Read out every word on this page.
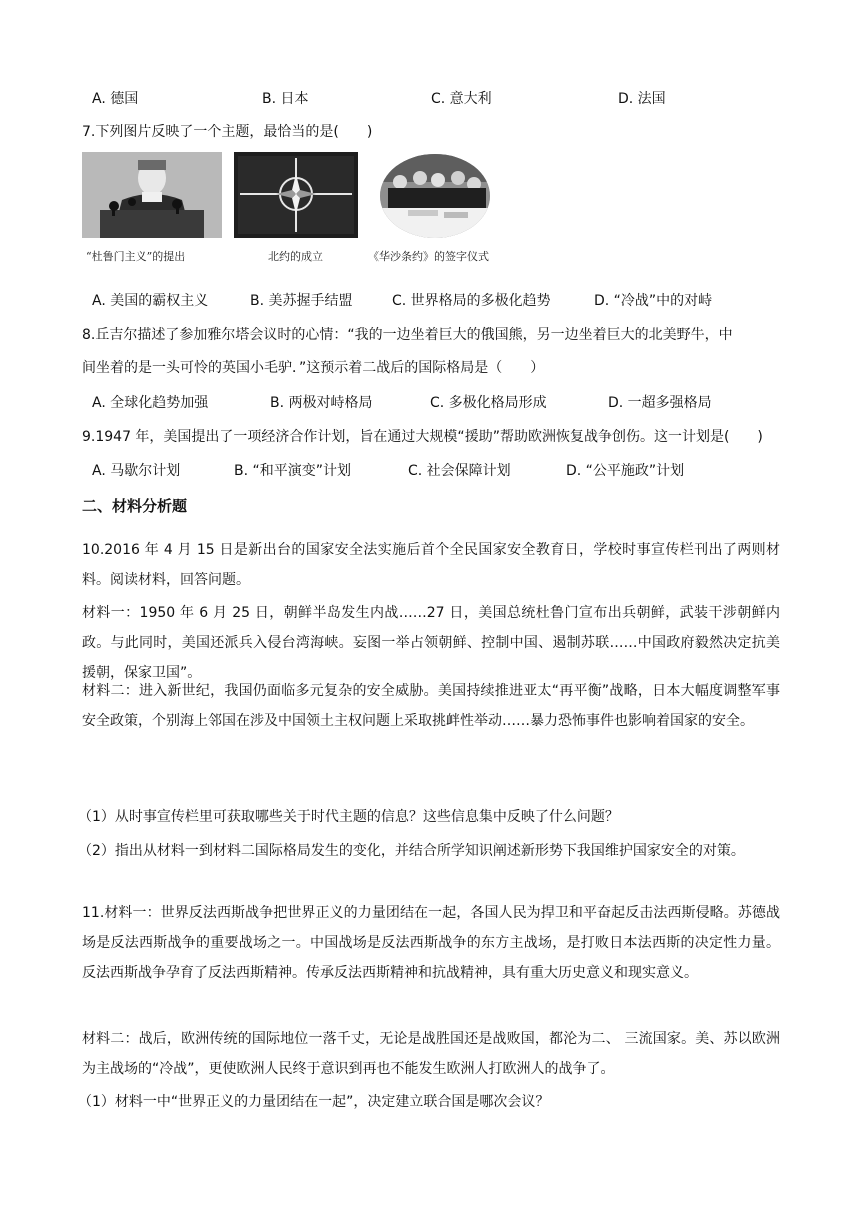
A. 德国	B. 日本	C. 意大利	D. 法国
7.下列图片反映了一个主题，最恰当的是(　　)
“杜鲁门主义”的提出	北约的成立	《华沙条约》的签字仪式
A. 美国的霸权主义	B. 美苏握手结盟	C. 世界格局的多极化趋势	D. “冷战”中的对峙
8.丘吉尔描述了参加雅尔塔会议时的心情：“我的一边坐着巨大的俄国熊，另一边坐着巨大的北美野牛，中
间坐着的是一头可怜的英国小毛驴．”这预示着二战后的国际格局是（　　）
A. 全球化趋势加强	B. 两极对峙格局	C. 多极化格局形成	D. 一超多强格局
9.1947 年，美国提出了一项经济合作计划，旨在通过大规模“援助”帮助欧洲恢复战争创伤。这一计划是(　　)
A. 马歇尔计划	B. “和平演变”计划	C. 社会保障计划	D. “公平施政”计划
二、材料分析题
10.2016 年 4 月 15 日是新出台的国家安全法实施后首个全民国家安全教育日，学校时事宣传栏刊出了两则材料。阅读材料，回答问题。
材料一：1950 年 6 月 25 日，朝鲜半岛发生内战……27 日，美国总统杜鲁门宣布出兵朝鲜，武装干涉朝鲜内政。与此同时，美国还派兵入侵台湾海峡。妄图一举占领朝鲜、控制中国、遏制苏联……中国政府毅然决定抗美援朝，保家卫国”。
材料二：进入新世纪，我国仍面临多元复杂的安全威胁。美国持续推进亚太“再平衡”战略，日本大幅度调整军事安全政策，个别海上邻国在涉及中国领土主权问题上采取挑衅性举动……暴力恐怖事件也影响着国家的安全。
（1）从时事宣传栏里可获取哪些关于时代主题的信息？这些信息集中反映了什么问题？
（2）指出从材料一到材料二国际格局发生的变化，并结合所学知识阐述新形势下我国维护国家安全的对策。
11.材料一：世界反法西斯战争把世界正义的力量团结在一起，各国人民为捍卫和平奋起反击法西斯侵略。苏德战场是反法西斯战争的重要战场之一。中国战场是反法西斯战争的东方主战场，是打败日本法西斯的决定性力量。反法西斯战争孕育了反法西斯精神。传承反法西斯精神和抗战精神，具有重大历史意义和现实意义。
材料二：战后，欧洲传统的国际地位一落千丈，无论是战胜国还是战败国，都沦为二、 三流国家。美、苏以欧洲为主战场的“冷战”，更使欧洲人民终于意识到再也不能发生欧洲人打欧洲人的战争了。
（1）材料一中“世界正义的力量团结在一起”，决定建立联合国是哪次会议？
